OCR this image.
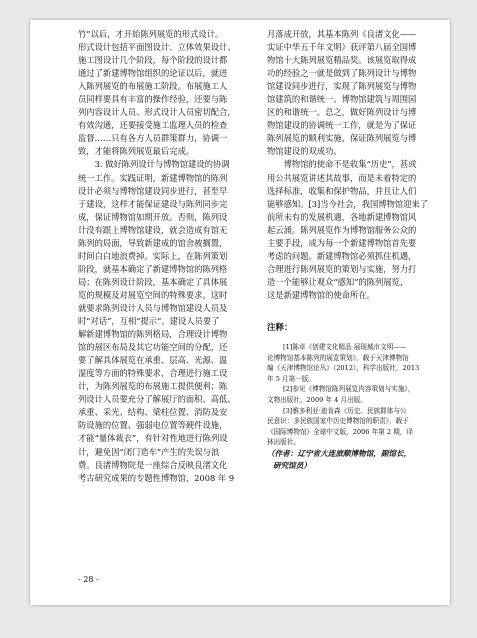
竹”以后，才开始陈列展览的形式设计。
形式设计包括平面图设计、立体效果设计、
施工图设计几个阶段，每个阶段的设计都
通过了新建博物馆组织的论证以后，就进
入陈列展览的布展施工阶段。布展施工人
员同样要具有丰富的操作经验，还要与陈
列内容设计人员、形式设计人员密切配合，
有效沟通，还要接受施工监理人员的检查
监督……只有各方人员群策群力，协调一
致，才能将陈列展览最后完成。
3. 做好陈列设计与博物馆建设的协调
统一工作。实践证明，新建博物馆的陈列
设计必须与博物馆建设同步进行，甚至早
于建设，这样才能保证建设与陈列同步完
成，保证博物馆如期开放。否则，陈列设
计没有跟上博物馆建设，就会造成有馆无
陈列的局面，导致新建成的馆舍被搁置，
时间白白地浪费掉。实际上，在陈列策划
阶段，就基本确定了新建博物馆的陈列格
局；在陈列设计阶段，基本确定了具体展
览的规模及对展览空间的特殊要求。这时
就要求陈列设计人员与博物馆建设人员及
时“对话”，互相“提示”。建设人员要了
解新建博物馆的陈列格局，合理设计博物
馆的展区布局及其它功能空间的分配，还
要了解具体展览在承重、层高、光源、温
湿度等方面的特殊要求，合理进行施工设
计，为陈列展览的布展施工提供便利；陈
列设计人员要充分了解展厅的面积、高低、
承重、采光、结构、梁柱位置、消防及安
防设施的位置、强弱电位置等硬件设施，
才能“量体裁衣”，有针对性地进行陈列设
计，避免因“闭门造车”产生的失误与浪
费。良渚博物院是一座综合反映良渚文化
考古研究成果的专题性博物馆，2008 年 9
月落成开放，其基本陈列《良渚文化——
实证中华五千年文明》获评第八届全国博
物馆十大陈列展览精品奖。该展览取得成
功的经验之一就是做到了陈列设计与博物
馆建设同步进行，实现了陈列展览与博物
馆建筑的和谐统一。博物馆建筑与周围园
区的和谐统一。总之，做好陈列设计与博
物馆建设的协调统一工作，就是为了保证
陈列展览的顺利实施，保证陈列展览与博
物馆建设的双成功。
博物馆的使命不是收集“历史”，甚或
用公共展览讲述其故事，而是未着特定的
选择标准，收集和保护物品，并且让人们
能够感知。[3]当今社会，我国博物馆迎来了
前所未有的发展机遇，各地新建博物馆风
起云涌。陈列展览作为博物馆服务公众的
主要手段，成为每一个新建博物馆首先要
考虑的问题。新建博物馆必须抓住机遇，
合理进行陈列展览的策划与实施，努力打
造一个能够让观众“感知”的陈列展览，
这是新建博物馆的使命所在。
注释：
[1]陈卓《创建文化精品 展现城市文明——
论博物馆基本陈列的展览策划》，载于天津博物馆
编《天津博物馆论丛》（2012），科学出版社，2013
年 5 月第一版。
[2]参见《博物馆陈列展览内容策划与实施》，
文物出版社，2009 年 4 月出版。
[3]雅多利亚·迪肯森《历史、民族群体与公
民意识：多民族国家中历史博物馆的职责》，载于
《国际博物馆》全球中文版，2006 年第 2 期，译
林出版社。
（作者：辽宁省大连旅顺博物馆，副馆长，
研究馆员）
- 28 -
